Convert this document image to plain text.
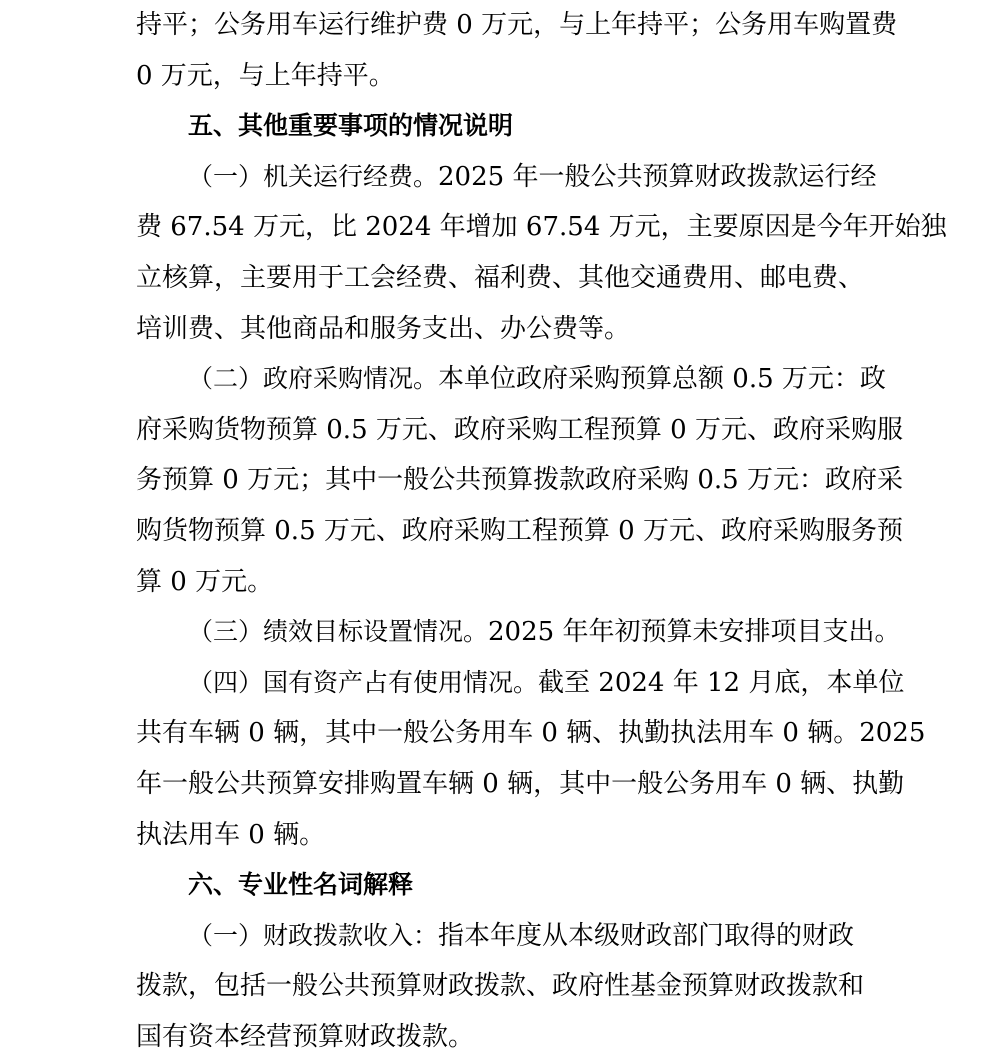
持平；公务用车运行维护费 0 万元，与上年持平；公务用车购置费
0 万元，与上年持平。

五、其他重要事项的情况说明

（一）机关运行经费。2025 年一般公共预算财政拨款运行经
费 67.54 万元，比 2024 年增加 67.54 万元，主要原因是今年开始独
立核算，主要用于工会经费、福利费、其他交通费用、邮电费、
培训费、其他商品和服务支出、办公费等。

（二）政府采购情况。本单位政府采购预算总额 0.5 万元：政
府采购货物预算 0.5 万元、政府采购工程预算 0 万元、政府采购服
务预算 0 万元；其中一般公共预算拨款政府采购 0.5 万元：政府采
购货物预算 0.5 万元、政府采购工程预算 0 万元、政府采购服务预
算 0 万元。

（三）绩效目标设置情况。2025 年年初预算未安排项目支出。

（四）国有资产占有使用情况。截至 2024 年 12 月底，本单位
共有车辆 0 辆，其中一般公务用车 0 辆、执勤执法用车 0 辆。2025
年一般公共预算安排购置车辆 0 辆，其中一般公务用车 0 辆、执勤
执法用车 0 辆。

六、专业性名词解释

（一）财政拨款收入：指本年度从本级财政部门取得的财政
拨款，包括一般公共预算财政拨款、政府性基金预算财政拨款和
国有资本经营预算财政拨款。
